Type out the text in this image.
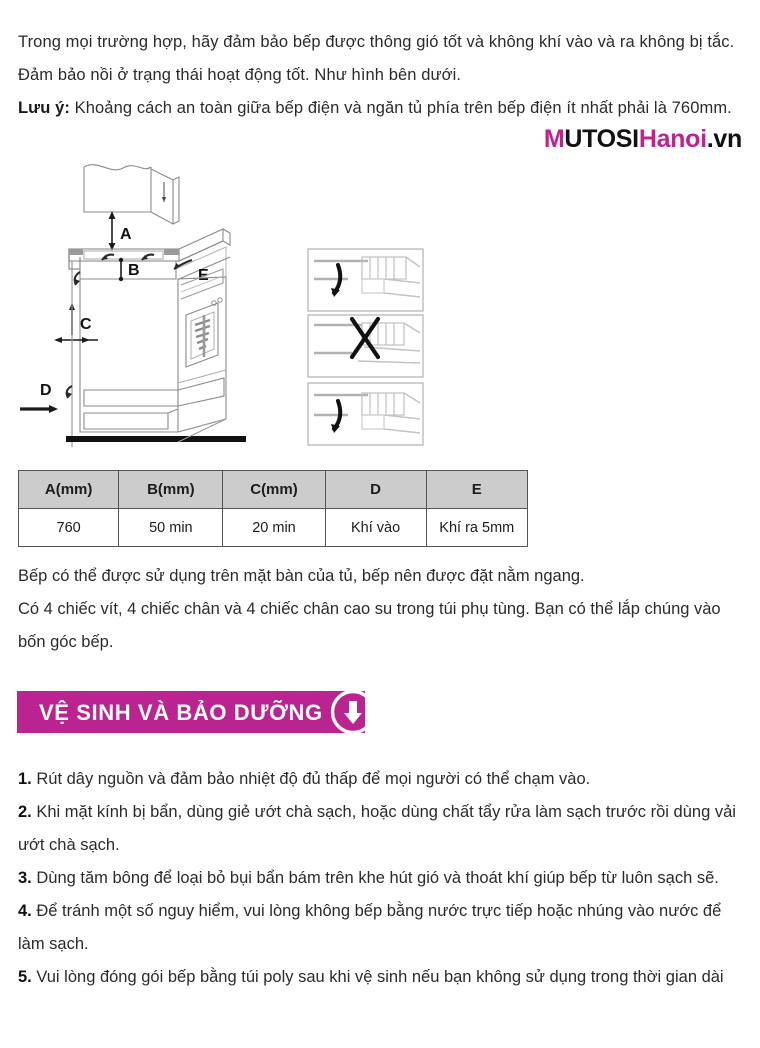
Trong mọi trường hợp, hãy đảm bảo bếp được thông gió tốt và không khí vào và ra không bị tắc. Đảm bảo nồi ở trạng thái hoạt động tốt. Như hình bên dưới.

Lưu ý: Khoảng cách an toàn giữa bếp điện và ngăn tủ phía trên bếp điện ít nhất phải là 760mm.

MUTOSIHanoi.vn
A
B	E
C
D
A(mm)	B(mm)	C(mm)	D	E
760	50 min	20 min	Khí vào	Khí ra 5mm

Bếp có thể được sử dụng trên mặt bàn của tủ, bếp nên được đặt nằm ngang.

Có 4 chiếc vít, 4 chiếc chân và 4 chiếc chân cao su trong túi phụ tùng. Bạn có thể lắp chúng vào bốn góc bếp.

VỆ SINH VÀ BẢO DƯỠNG

1. Rút dây nguồn và đảm bảo nhiệt độ đủ thấp để mọi người có thể chạm vào.

2. Khi mặt kính bị bẩn, dùng giẻ ướt chà sạch, hoặc dùng chất tẩy rửa làm sạch trước rồi dùng vải ướt chà sạch.

3. Dùng tăm bông để loại bỏ bụi bẩn bám trên khe hút gió và thoát khí giúp bếp từ luôn sạch sẽ.

4. Để tránh một số nguy hiểm, vui lòng không bếp bằng nước trực tiếp hoặc nhúng vào nước để làm sạch.

5. Vui lòng đóng gói bếp bằng túi poly sau khi vệ sinh nếu bạn không sử dụng trong thời gian dài
